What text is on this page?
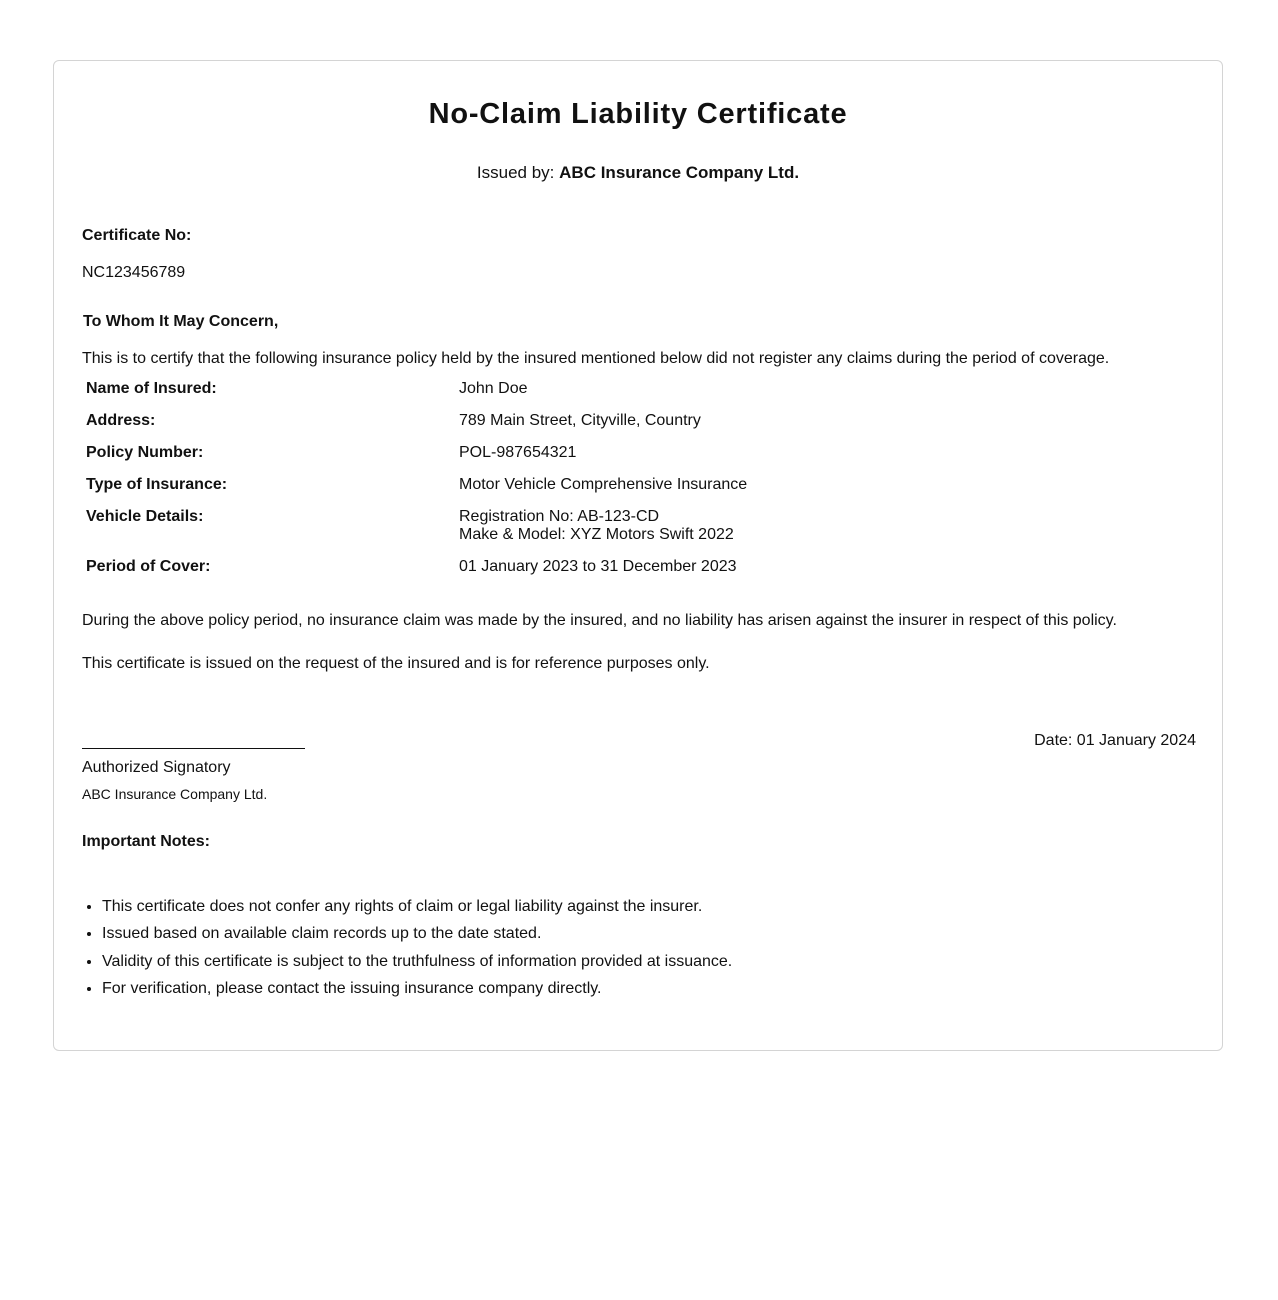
No-Claim Liability Certificate
Issued by: ABC Insurance Company Ltd.
Certificate No:
NC123456789
To Whom It May Concern,
This is to certify that the following insurance policy held by the insured mentioned below did not register any claims during the period of coverage.
Name of Insured:	John Doe
Address:	789 Main Street, Cityville, Country
Policy Number:	POL-987654321
Type of Insurance:	Motor Vehicle Comprehensive Insurance
Vehicle Details:	Registration No: AB-123-CD
Make & Model: XYZ Motors Swift 2022
Period of Cover:	01 January 2023 to 31 December 2023
During the above policy period, no insurance claim was made by the insured, and no liability has arisen against the insurer in respect of this policy.
This certificate is issued on the request of the insured and is for reference purposes only.
Date: 01 January 2024
Authorized Signatory
ABC Insurance Company Ltd.
Important Notes:
• This certificate does not confer any rights of claim or legal liability against the insurer.
• Issued based on available claim records up to the date stated.
• Validity of this certificate is subject to the truthfulness of information provided at issuance.
• For verification, please contact the issuing insurance company directly.
